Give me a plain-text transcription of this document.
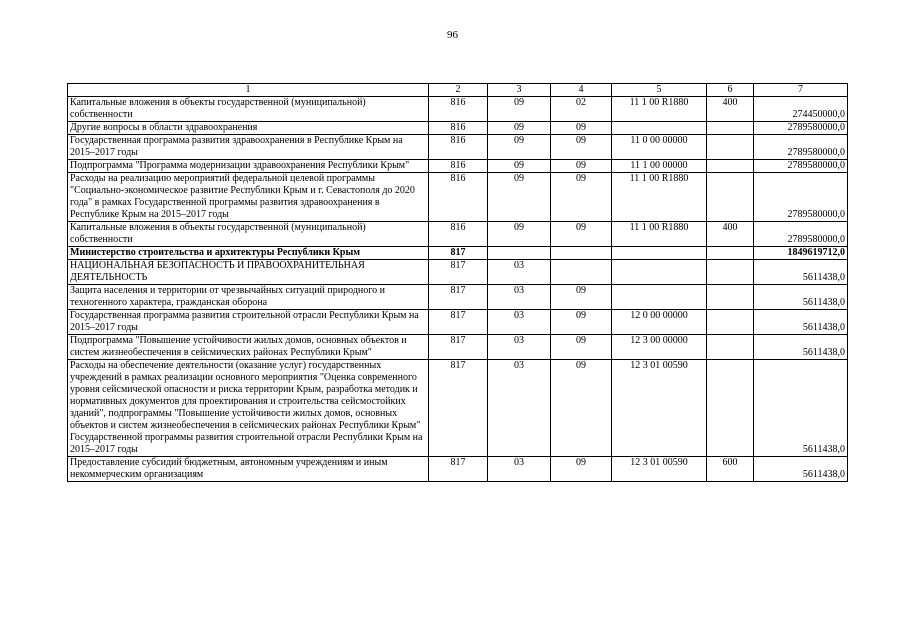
96
1	2	3	4	5	6	7
Капитальные вложения в объекты государственной (муниципальной) собственности	816	09	02	11 1 00 R1880	400	274450000,0
Другие вопросы в области здравоохранения	816	09	09			2789580000,0
Государственная программа развития здравоохранения в Республике Крым на 2015–2017 годы	816	09	09	11 0 00 00000		2789580000,0
Подпрограмма "Программа модернизации здравоохранения Республики Крым"	816	09	09	11 1 00 00000		2789580000,0
Расходы на реализацию мероприятий федеральной целевой программы "Социально-экономическое развитие Республики Крым и г. Севастополя до 2020 года" в рамках Государственной программы развития здравоохранения в Республике Крым на 2015–2017 годы	816	09	09	11 1 00 R1880		2789580000,0
Капитальные вложения в объекты государственной (муниципальной) собственности	816	09	09	11 1 00 R1880	400	2789580000,0
Министерство строительства и архитектуры Республики Крым	817					1849619712,0
НАЦИОНАЛЬНАЯ БЕЗОПАСНОСТЬ И ПРАВООХРАНИТЕЛЬНАЯ ДЕЯТЕЛЬНОСТЬ	817	03				5611438,0
Защита населения и территории от чрезвычайных ситуаций природного и техногенного характера, гражданская оборона	817	03	09			5611438,0
Государственная программа развития строительной отрасли Республики Крым на 2015–2017 годы	817	03	09	12 0 00 00000		5611438,0
Подпрограмма "Повышение устойчивости жилых домов, основных объектов и систем жизнеобеспечения в сейсмических районах Республики Крым"	817	03	09	12 3 00 00000		5611438,0
Расходы на обеспечение деятельности (оказание услуг) государственных учреждений в рамках реализации основного мероприятия "Оценка современного уровня сейсмической опасности и риска территории Крым, разработка методик и нормативных документов для проектирования и строительства сейсмостойких зданий", подпрограммы "Повышение устойчивости жилых домов, основных объектов и систем жизнеобеспечения в сейсмических районах Республики Крым" Государственной программы развития строительной отрасли Республики Крым на 2015–2017 годы	817	03	09	12 3 01 00590		5611438,0
Предоставление субсидий бюджетным, автономным учреждениям и иным некоммерческим организациям	817	03	09	12 3 01 00590	600	5611438,0
